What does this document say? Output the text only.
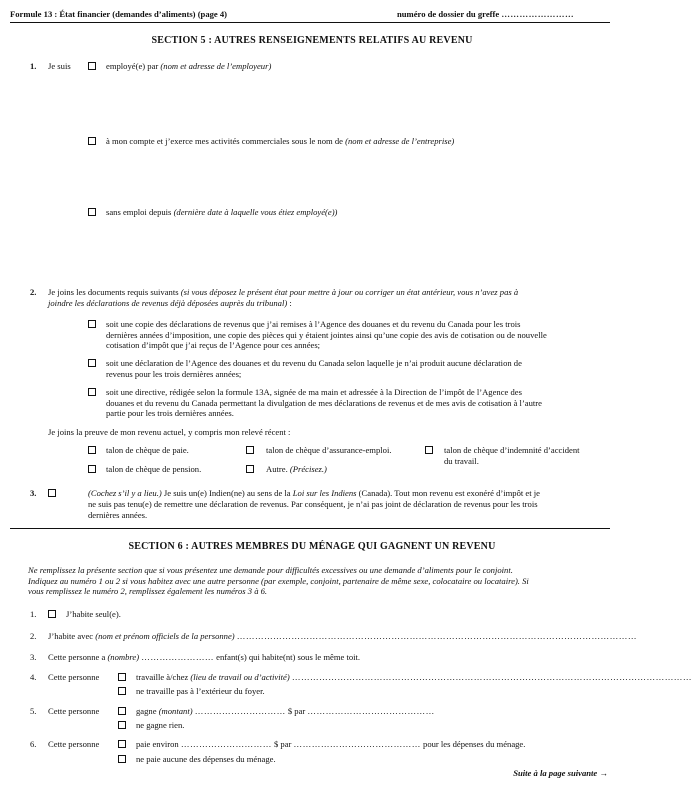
Formule 13 : État financier (demandes d’aliments) (page 4)	numéro de dossier du greffe ……………………
SECTION 5 : AUTRES RENSEIGNEMENTS RELATIFS AU REVENU
1. Je suis	employé(e) par (nom et adresse de l’employeur)
à mon compte et j’exerce mes activités commerciales sous le nom de (nom et adresse de l’entreprise)
sans emploi depuis (dernière date à laquelle vous étiez employé(e))
2. Je joins les documents requis suivants (si vous déposez le présent état pour mettre à jour ou corriger un état antérieur, vous n’avez pas à
joindre les déclarations de revenus déjà déposées auprès du tribunal) :
soit une copie des déclarations de revenus que j’ai remises à l’Agence des douanes et du revenu du Canada pour les trois
dernières années d’imposition, une copie des pièces qui y étaient jointes ainsi qu’une copie des avis de cotisation ou de nouvelle
cotisation d’impôt que j’ai reçus de l’Agence pour ces années;
soit une déclaration de l’Agence des douanes et du revenu du Canada selon laquelle je n’ai produit aucune déclaration de
revenus pour les trois dernières années;
soit une directive, rédigée selon la formule 13A, signée de ma main et adressée à la Direction de l’impôt de l’Agence des
douanes et du revenu du Canada permettant la divulgation de mes déclarations de revenus et de mes avis de cotisation à l’autre
partie pour les trois dernières années.
Je joins la preuve de mon revenu actuel, y compris mon relevé récent :
talon de chèque de paie.	talon de chèque d’assurance-emploi.	talon de chèque d’indemnité d’accident
du travail.
talon de chèque de pension.	Autre. (Précisez.)
3.	(Cochez s’il y a lieu.) Je suis un(e) Indien(ne) au sens de la Loi sur les Indiens (Canada). Tout mon revenu est exonéré d’impôt et je
ne suis pas tenu(e) de remettre une déclaration de revenus. Par conséquent, je n’ai pas joint de déclaration de revenus pour les trois
dernières années.
SECTION 6 : AUTRES MEMBRES DU MÉNAGE QUI GAGNENT UN REVENU
Ne remplissez la présente section que si vous présentez une demande pour difficultés excessives ou une demande d’aliments pour le conjoint.
Indiquez au numéro 1 ou 2 si vous habitez avec une autre personne (par exemple, conjoint, partenaire de même sexe, colocataire ou locataire). Si
vous remplissez le numéro 2, remplissez également les numéros 3 à 6.
1.	J’habite seul(e).
2. J’habite avec (nom et prénom officiels de la personne) ……………………………………………………………………………………………………………………
3. Cette personne a (nombre) …………………… enfant(s) qui habite(nt) sous le même toit.
4. Cette personne	travaille à/chez (lieu de travail ou d’activité) ……………………………………………………………………………………………………………………
ne travaille pas à l’extérieur du foyer.
5. Cette personne	gagne (montant) ………………………… $ par ……………………………………
ne gagne rien.
6. Cette personne	paie environ ………………………… $ par …………………………………… pour les dépenses du ménage.
ne paie aucune des dépenses du ménage.
Suite à la page suivante →
